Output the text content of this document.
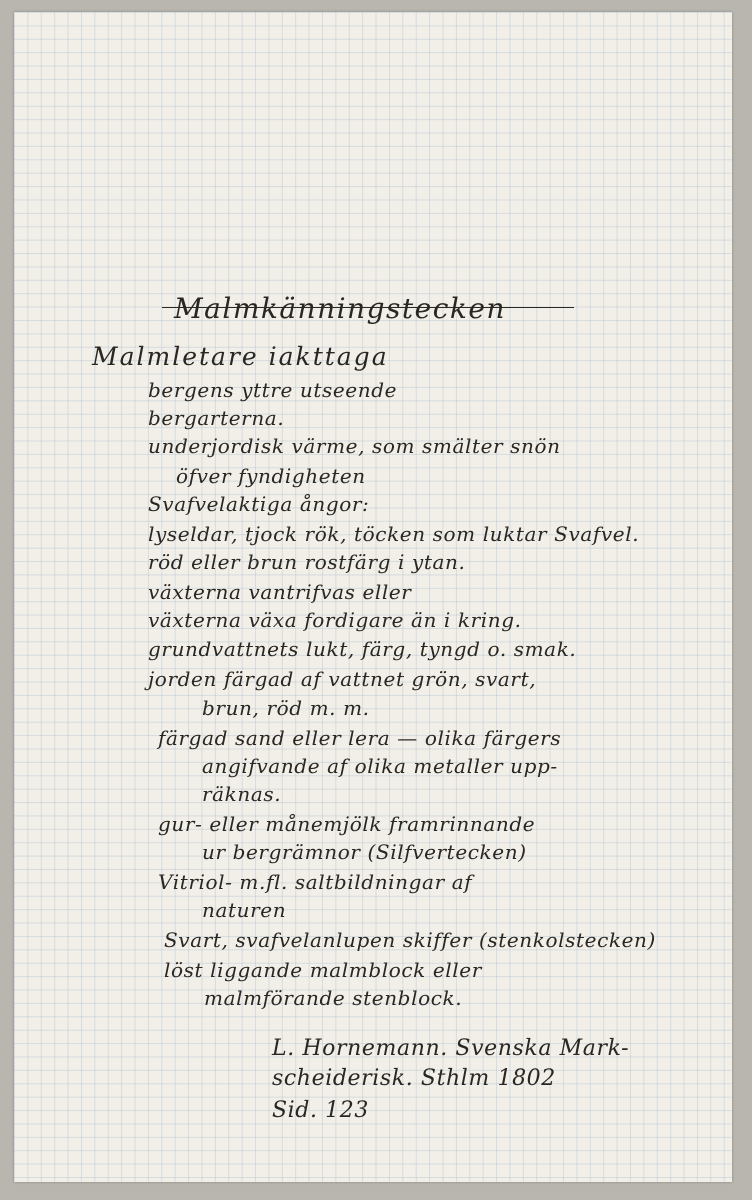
Malmkänningstecken
Malmletare iakttaga
bergens yttre utseende
bergarterna.
underjordisk värme, som smälter snön
öfver fyndigheten
Svafvelaktiga ångor:
lyseldar, tjock rök, töcken som luktar Svafvel.
röd eller brun rostfärg i ytan.
växterna vantrifvas eller
växterna växa fordigare än i kring.
grundvattnets lukt, färg, tyngd o. smak.
jorden färgad af vattnet grön, svart,
brun, röd m. m.
färgad sand eller lera — olika färgers
angifvande af olika metaller upp-
räknas.
gur- eller månemjölk framrinnande
ur bergrämnor (Silfvertecken)
Vitriol- m.fl. saltbildningar af
naturen
Svart, svafvelanlupen skiffer (stenkolstecken)
löst liggande malmblock eller
malmförande stenblock.
L. Hornemann. Svenska Mark-
scheiderisk. Sthlm 1802
Sid. 123
